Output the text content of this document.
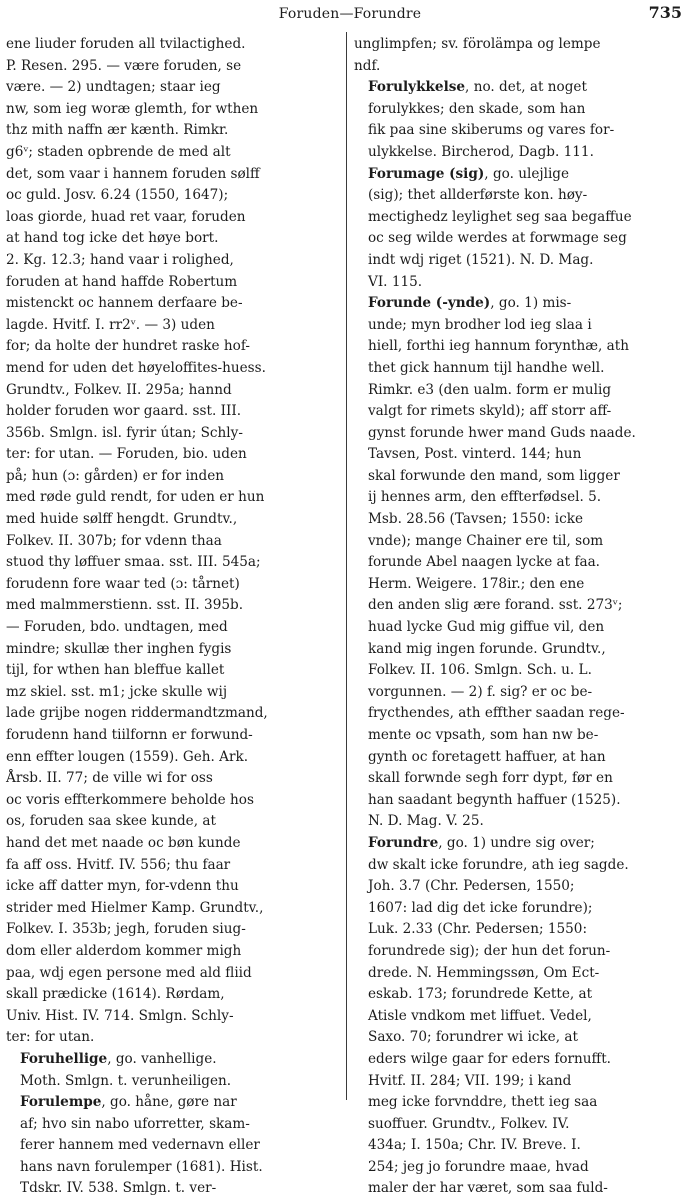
Foruden—Forundre	735
ene liuder foruden all tvilactighed.
P. Resen. 295. — være foruden, se
være. — 2) undtagen; staar ieg
nw, som ieg woræ glemth, for wthen
thz mith naffn ær kænth. Rimkr.
g6ᵛ; staden opbrende de med alt
det, som vaar i hannem foruden sølff
oc guld. Josv. 6.24 (1550, 1647);
loas giorde, huad ret vaar, foruden
at hand tog icke det høye bort.
2. Kg. 12.3; hand vaar i rolighed,
foruden at hand haffde Robertum
mistenckt oc hannem derfaare be-
lagde. Hvitf. I. rr2ᵛ. — 3) uden
for; da holte der hundret raske hof-
mend for uden det høyeloffites-huess.
Grundtv., Folkev. II. 295a; hannd
holder foruden wor gaard. sst. III.
356b. Smlgn. isl. fyrir útan; Schly-
ter: for utan. — Foruden, bio. uden
på; hun (ɔ: gården) er for inden
med røde guld rendt, for uden er hun
med huide sølff hengdt. Grundtv.,
Folkev. II. 307b; for vdenn thaa
stuod thy løffuer smaa. sst. III. 545a;
forudenn fore waar ted (ɔ: tårnet)
med malmmerstienn. sst. II. 395b.
— Foruden, bdo. undtagen, med
mindre; skullæ ther inghen fygis
tijl, for wthen han bleffue kallet
mz skiel. sst. m1; jcke skulle wij
lade grijbe nogen riddermandtzmand,
forudenn hand tiilfornn er forwund-
enn effter lougen (1559). Geh. Ark.
Årsb. II. 77; de ville wi for oss
oc voris effterkommere beholde hos
os, foruden saa skee kunde, at
hand det met naade oc bøn kunde
fa aff oss. Hvitf. IV. 556; thu faar
icke aff datter myn, for-vdenn thu
strider med Hielmer Kamp. Grundtv.,
Folkev. I. 353b; jegh, foruden siug-
dom eller alderdom kommer migh
paa, wdj egen persone med ald fliid
skall prædicke (1614). Rørdam,
Univ. Hist. IV. 714. Smlgn. Schly-
ter: for utan.
Foruhellige, go. vanhellige.
Moth. Smlgn. t. verunheiligen.
Forulempe, go. håne, gøre nar
af; hvo sin nabo uforretter, skam-
ferer hannem med vedernavn eller
hans navn forulemper (1681). Hist.
Tdskr. IV. 538. Smlgn. t. ver-
unglimpfen; sv. förolämpa og lempe
ndf.
Forulykkelse, no. det, at noget
forulykkes; den skade, som han
fik paa sine skiberums og vares for-
ulykkelse. Bircherod, Dagb. 111.
Forumage (sig), go. ulejlige
(sig); thet allderførste kon. høy-
mectighedz leylighet seg saa begaffue
oc seg wilde werdes at forwmage seg
indt wdj riget (1521). N. D. Mag.
VI. 115.
Forunde (-ynde), go. 1) mis-
unde; myn brodher lod ieg slaa i
hiell, forthi ieg hannum forynthæ, ath
thet gick hannum tijl handhe well.
Rimkr. e3 (den ualm. form er mulig
valgt for rimets skyld); aff storr aff-
gynst forunde hwer mand Guds naade.
Tavsen, Post. vinterd. 144; hun
skal forwunde den mand, som ligger
ij hennes arm, den effterfødsel. 5.
Msb. 28.56 (Tavsen; 1550: icke
vnde); mange Chainer ere til, som
forunde Abel naagen lycke at faa.
Herm. Weigere. 178ir.; den ene
den anden slig ære forand. sst. 273ᵛ;
huad lycke Gud mig giffue vil, den
kand mig ingen forunde. Grundtv.,
Folkev. II. 106. Smlgn. Sch. u. L.
vorgunnen. — 2) f. sig? er oc be-
frycthendes, ath effther saadan rege-
mente oc vpsath, som han nw be-
gynth oc foretagett haffuer, at han
skall forwnde segh forr dypt, før en
han saadant begynth haffuer (1525).
N. D. Mag. V. 25.
Forundre, go. 1) undre sig over;
dw skalt icke forundre, ath ieg sagde.
Joh. 3.7 (Chr. Pedersen, 1550;
1607: lad dig det icke forundre);
Luk. 2.33 (Chr. Pedersen; 1550:
forundrede sig); der hun det forun-
drede. N. Hemmingssøn, Om Ect-
eskab. 173; forundrede Kette, at
Atisle vndkom met liffuet. Vedel,
Saxo. 70; forundrer wi icke, at
eders wilge gaar for eders fornufft.
Hvitf. II. 284; VII. 199; i kand
meg icke forvnddre, thett ieg saa
suoffuer. Grundtv., Folkev. IV.
434a; I. 150a; Chr. IV. Breve. I.
254; jeg jo forundre maae, hvad
maler der har været, som saa fuld-
